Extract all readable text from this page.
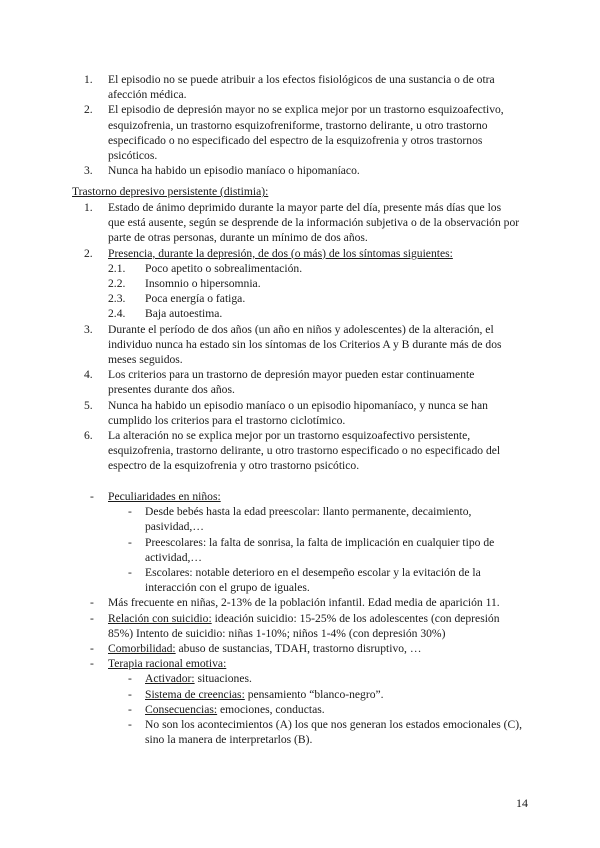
1. El episodio no se puede atribuir a los efectos fisiológicos de una sustancia o de otra afección médica.
2. El episodio de depresión mayor no se explica mejor por un trastorno esquizoafectivo, esquizofrenia, un trastorno esquizofreniforme, trastorno delirante, u otro trastorno especificado o no especificado del espectro de la esquizofrenia y otros trastornos psicóticos.
3. Nunca ha habido un episodio maníaco o hipomaníaco.
Trastorno depresivo persistente (distimia):
1. Estado de ánimo deprimido durante la mayor parte del día, presente más días que los que está ausente, según se desprende de la información subjetiva o de la observación por parte de otras personas, durante un mínimo de dos años.
2. Presencia, durante la depresión, de dos (o más) de los síntomas siguientes:
2.1. Poco apetito o sobrealimentación.
2.2. Insomnio o hipersomnia.
2.3. Poca energía o fatiga.
2.4. Baja autoestima.
3. Durante el período de dos años (un año en niños y adolescentes) de la alteración, el individuo nunca ha estado sin los síntomas de los Criterios A y B durante más de dos meses seguidos.
4. Los criterios para un trastorno de depresión mayor pueden estar continuamente presentes durante dos años.
5. Nunca ha habido un episodio maníaco o un episodio hipomaníaco, y nunca se han cumplido los criterios para el trastorno ciclotímico.
6. La alteración no se explica mejor por un trastorno esquizoafectivo persistente, esquizofrenia, trastorno delirante, u otro trastorno especificado o no especificado del espectro de la esquizofrenia y otro trastorno psicótico.
- Peculiaridades en niños:
- Desde bebés hasta la edad preescolar: llanto permanente, decaimiento, pasividad,…
- Preescolares: la falta de sonrisa, la falta de implicación en cualquier tipo de actividad,…
- Escolares: notable deterioro en el desempeño escolar y la evitación de la interacción con el grupo de iguales.
- Más frecuente en niñas, 2-13% de la población infantil. Edad media de aparición 11.
- Relación con suicidio: ideación suicidio: 15-25% de los adolescentes (con depresión 85%) Intento de suicidio: niñas 1-10%; niños 1-4% (con depresión 30%)
- Comorbilidad: abuso de sustancias, TDAH, trastorno disruptivo, …
- Terapia racional emotiva:
- Activador: situaciones.
- Sistema de creencias: pensamiento “blanco-negro”.
- Consecuencias: emociones, conductas.
- No son los acontecimientos (A) los que nos generan los estados emocionales (C), sino la manera de interpretarlos (B).
14
